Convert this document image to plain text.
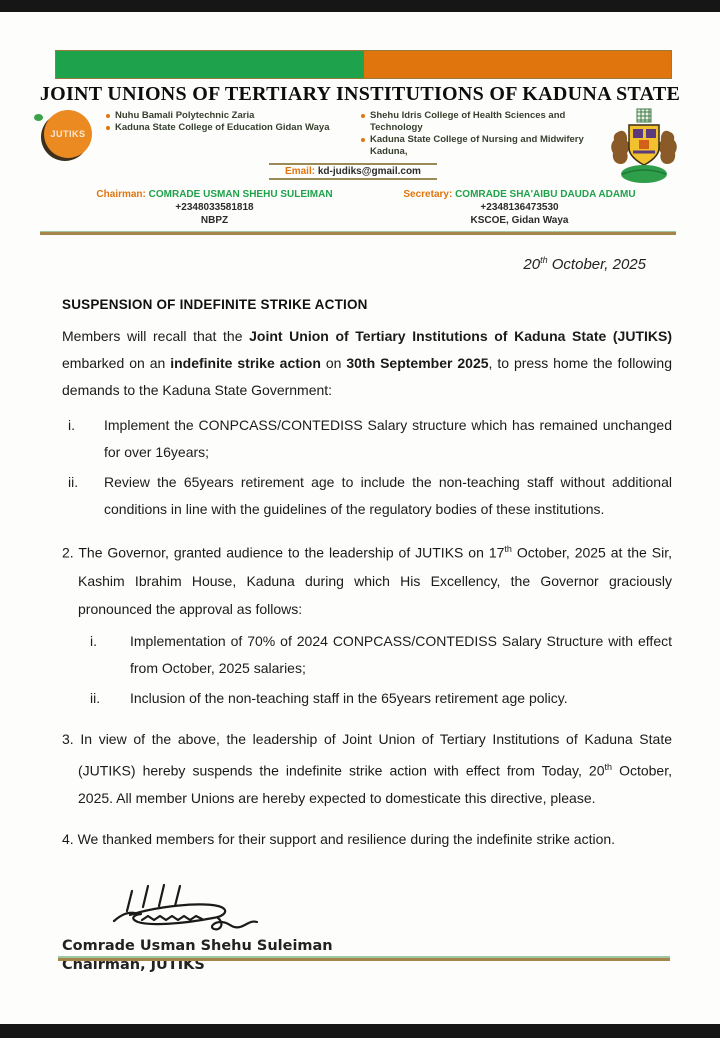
JOINT UNIONS OF TERTIARY INSTITUTIONS OF KADUNA STATE
JUTIKS
Nuhu Bamali Polytechnic Zaria
Kaduna State College of Education Gidan Waya
Shehu Idris College of Health Sciences and Technology
Kaduna State College of Nursing and Midwifery Kaduna,
Email: kd-judiks@gmail.com
Chairman: COMRADE USMAN SHEHU SULEIMAN
+2348033581818
NBPZ
Secretary: COMRADE SHA'AIBU DAUDA ADAMU
+2348136473530
KSCOE, Gidan Waya
20th October, 2025
SUSPENSION OF INDEFINITE STRIKE ACTION

Members will recall that the Joint Union of Tertiary Institutions of Kaduna State (JUTIKS) embarked on an indefinite strike action on 30th September 2025, to press home the following demands to the Kaduna State Government:

i.	Implement the CONPCASS/CONTEDISS Salary structure which has remained unchanged for over 16years;
ii.	Review the 65years retirement age to include the non-teaching staff without additional conditions in line with the guidelines of the regulatory bodies of these institutions.

2. The Governor, granted audience to the leadership of JUTIKS on 17th October, 2025 at the Sir, Kashim Ibrahim House, Kaduna during which His Excellency, the Governor graciously pronounced the approval as follows:

i.	Implementation of 70% of 2024 CONPCASS/CONTEDISS Salary Structure with effect from October, 2025 salaries;
ii.	Inclusion of the non-teaching staff in the 65years retirement age policy.

3. In view of the above, the leadership of Joint Union of Tertiary Institutions of Kaduna State (JUTIKS) hereby suspends the indefinite strike action with effect from Today, 20th October, 2025. All member Unions are hereby expected to domesticate this directive, please.

4. We thanked members for their support and resilience during the indefinite strike action.

Comrade Usman Shehu Suleiman
Chairman, JUTIKS
